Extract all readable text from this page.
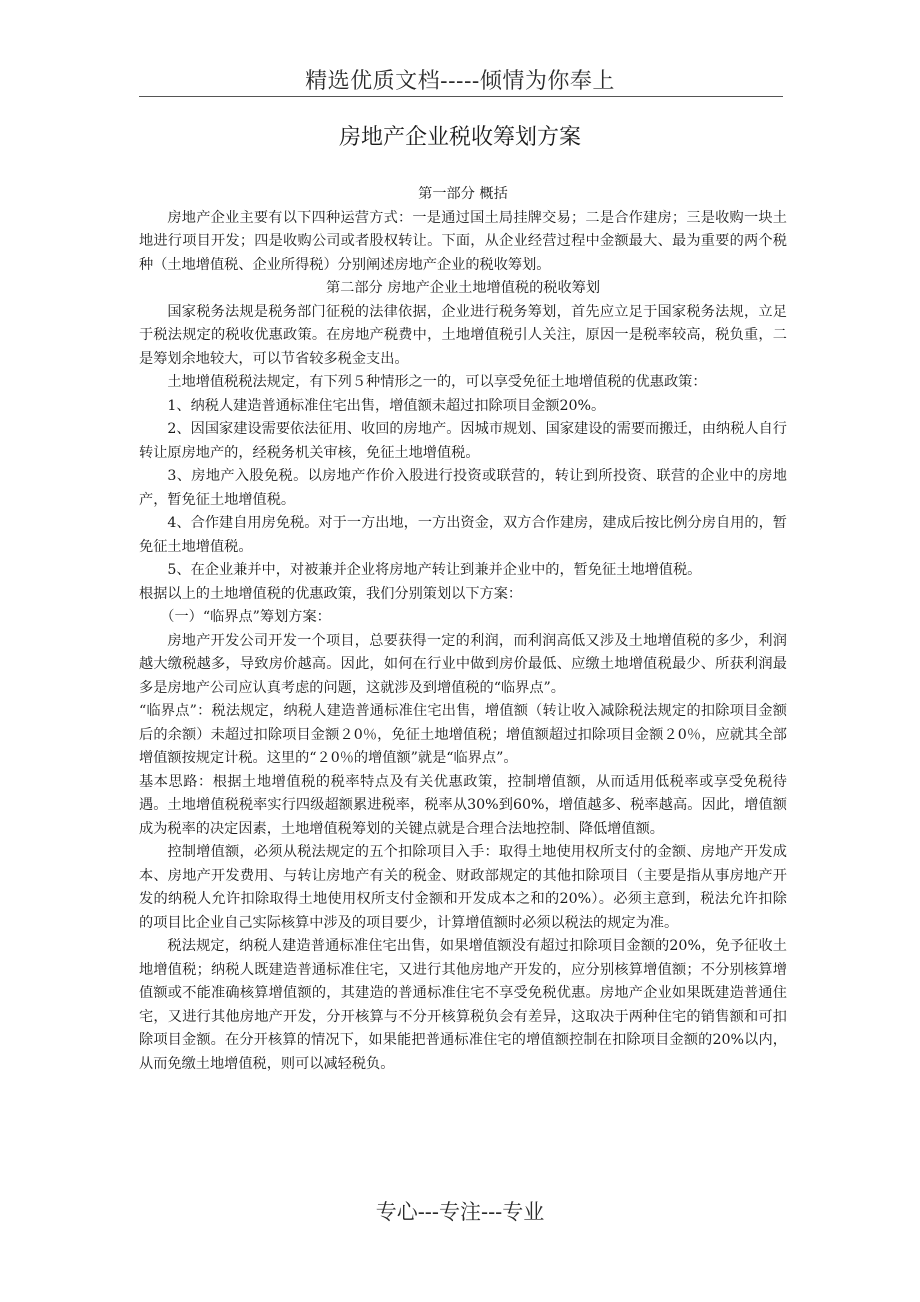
精选优质文档-----倾情为你奉上
房地产企业税收筹划方案

第一部分 概括

房地产企业主要有以下四种运营方式：一是通过国土局挂牌交易；二是合作建房；三是收购一块土地进行项目开发；四是收购公司或者股权转让。下面，从企业经营过程中金额最大、最为重要的两个税种（土地增值税、企业所得税）分别阐述房地产企业的税收筹划。

第二部分 房地产企业土地增值税的税收筹划

国家税务法规是税务部门征税的法律依据，企业进行税务筹划，首先应立足于国家税务法规，立足于税法规定的税收优惠政策。在房地产税费中，土地增值税引人关注，原因一是税率较高，税负重，二是筹划余地较大，可以节省较多税金支出。

土地增值税税法规定，有下列５种情形之一的，可以享受免征土地增值税的优惠政策：

1、纳税人建造普通标准住宅出售，增值额未超过扣除项目金额20%。

2、因国家建设需要依法征用、收回的房地产。因城市规划、国家建设的需要而搬迁，由纳税人自行转让原房地产的，经税务机关审核，免征土地增值税。

3、房地产入股免税。以房地产作价入股进行投资或联营的，转让到所投资、联营的企业中的房地产，暂免征土地增值税。

4、合作建自用房免税。对于一方出地，一方出资金，双方合作建房，建成后按比例分房自用的，暂免征土地增值税。

5、在企业兼并中，对被兼并企业将房地产转让到兼并企业中的，暂免征土地增值税。

根据以上的土地增值税的优惠政策，我们分别策划以下方案：

（一）“临界点”筹划方案：

房地产开发公司开发一个项目，总要获得一定的利润，而利润高低又涉及土地增值税的多少，利润越大缴税越多，导致房价越高。因此，如何在行业中做到房价最低、应缴土地增值税最少、所获利润最多是房地产公司应认真考虑的问题，这就涉及到增值税的“临界点”。

“临界点”：税法规定，纳税人建造普通标准住宅出售，增值额（转让收入减除税法规定的扣除项目金额后的余额）未超过扣除项目金额２0％，免征土地增值税；增值额超过扣除项目金额２0％，应就其全部增值额按规定计税。这里的“２0％的增值额”就是“临界点”。

基本思路：根据土地增值税的税率特点及有关优惠政策，控制增值额，从而适用低税率或享受免税待遇。土地增值税税率实行四级超额累进税率，税率从30%到60%，增值越多、税率越高。因此，增值额成为税率的决定因素，土地增值税筹划的关键点就是合理合法地控制、降低增值额。

控制增值额，必须从税法规定的五个扣除项目入手：取得土地使用权所支付的金额、房地产开发成本、房地产开发费用、与转让房地产有关的税金、财政部规定的其他扣除项目（主要是指从事房地产开发的纳税人允许扣除取得土地使用权所支付金额和开发成本之和的20%）。必须主意到，税法允许扣除的项目比企业自己实际核算中涉及的项目要少，计算增值额时必须以税法的规定为准。

税法规定，纳税人建造普通标准住宅出售，如果增值额没有超过扣除项目金额的20%，免予征收土地增值税；纳税人既建造普通标准住宅，又进行其他房地产开发的，应分别核算增值额；不分别核算增值额或不能准确核算增值额的，其建造的普通标准住宅不享受免税优惠。房地产企业如果既建造普通住宅，又进行其他房地产开发，分开核算与不分开核算税负会有差异，这取决于两种住宅的销售额和可扣除项目金额。在分开核算的情况下，如果能把普通标准住宅的增值额控制在扣除项目金额的20%以内，从而免缴土地增值税，则可以减轻税负。

专心---专注---专业
